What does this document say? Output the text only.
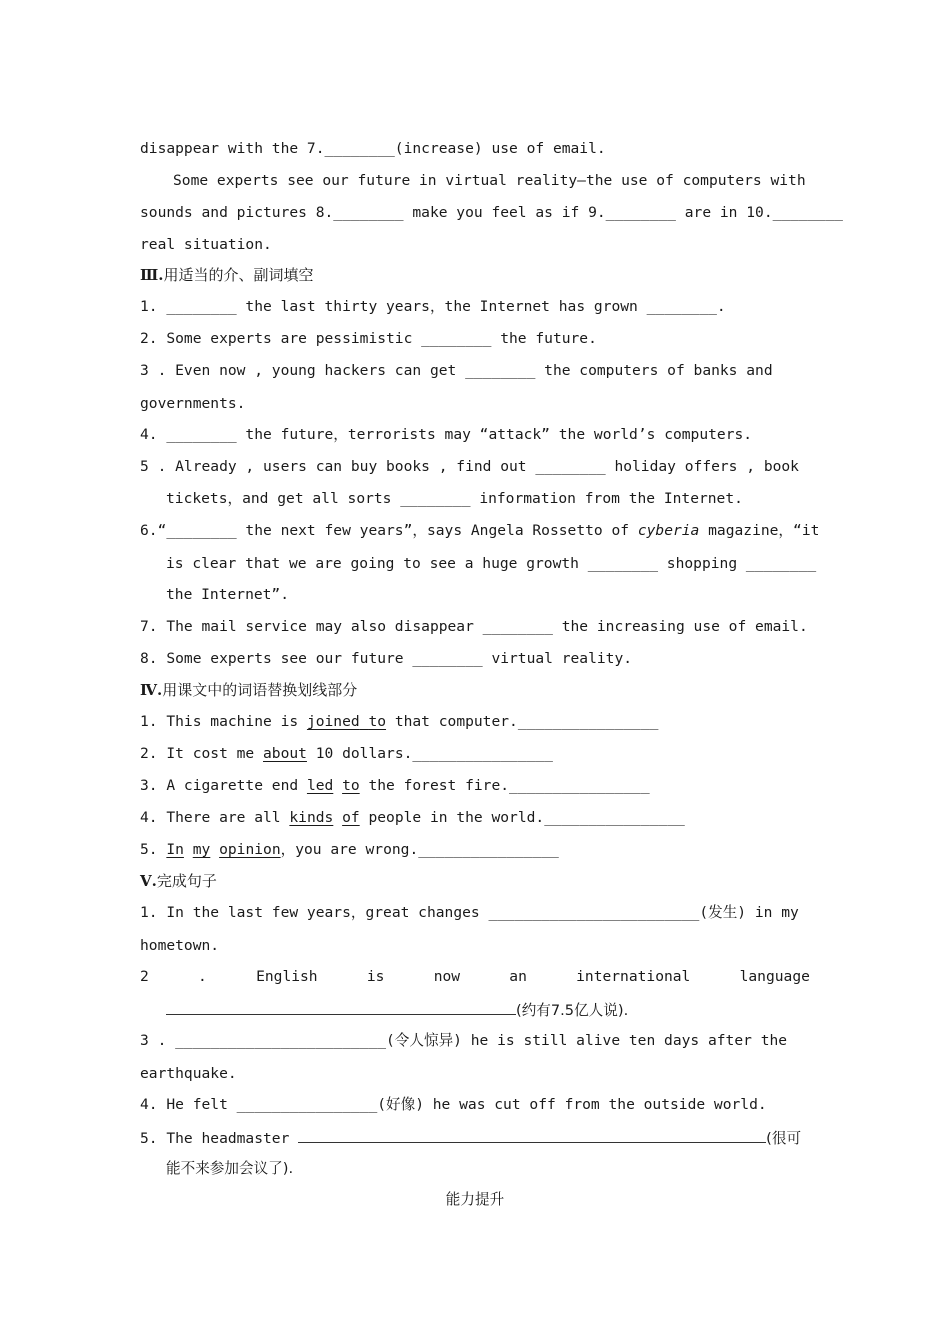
disappear with the 7.________(increase) use of email.
Some experts see our future in virtual reality—the use of computers with
sounds and pictures 8.________ make you feel as if 9.________ are in 10.________
real situation.
Ⅲ.用适当的介、副词填空
1. ________ the last thirty years，the Internet has grown ________.
2. Some experts are pessimistic ________ the future.
3 . Even now , young hackers can get ________ the computers of banks and
governments.
4. ________ the future，terrorists may “attack” the world’s computers.
5 . Already , users can buy books , find out ________ holiday offers , book
tickets，and get all sorts ________ information from the Internet.
6.“________ the next few years”，says Angela Rossetto of cyberia magazine，“it
is clear that we are going to see a huge growth ________ shopping ________
the Internet”.
7. The mail service may also disappear ________ the increasing use of email.
8. Some experts see our future ________ virtual reality.
Ⅳ.用课文中的词语替换划线部分
1. This machine is joined to that computer.________________
2. It cost me about 10 dollars.________________
3. A cigarette end led to the forest fire.________________
4. There are all kinds of people in the world.________________
5. In my opinion，you are wrong.________________
Ⅴ.完成句子
1. In the last few years，great changes ________________________(发生) in my
hometown.
2	.	English	is	now	an	international	language
(约有7.5亿人说).
3 . ________________________(令人惊异) he is still alive ten days after the
earthquake.
4. He felt ________________(好像) he was cut off from the outside world.
5. The headmaster	(很可
能不来参加会议了).
能力提升
